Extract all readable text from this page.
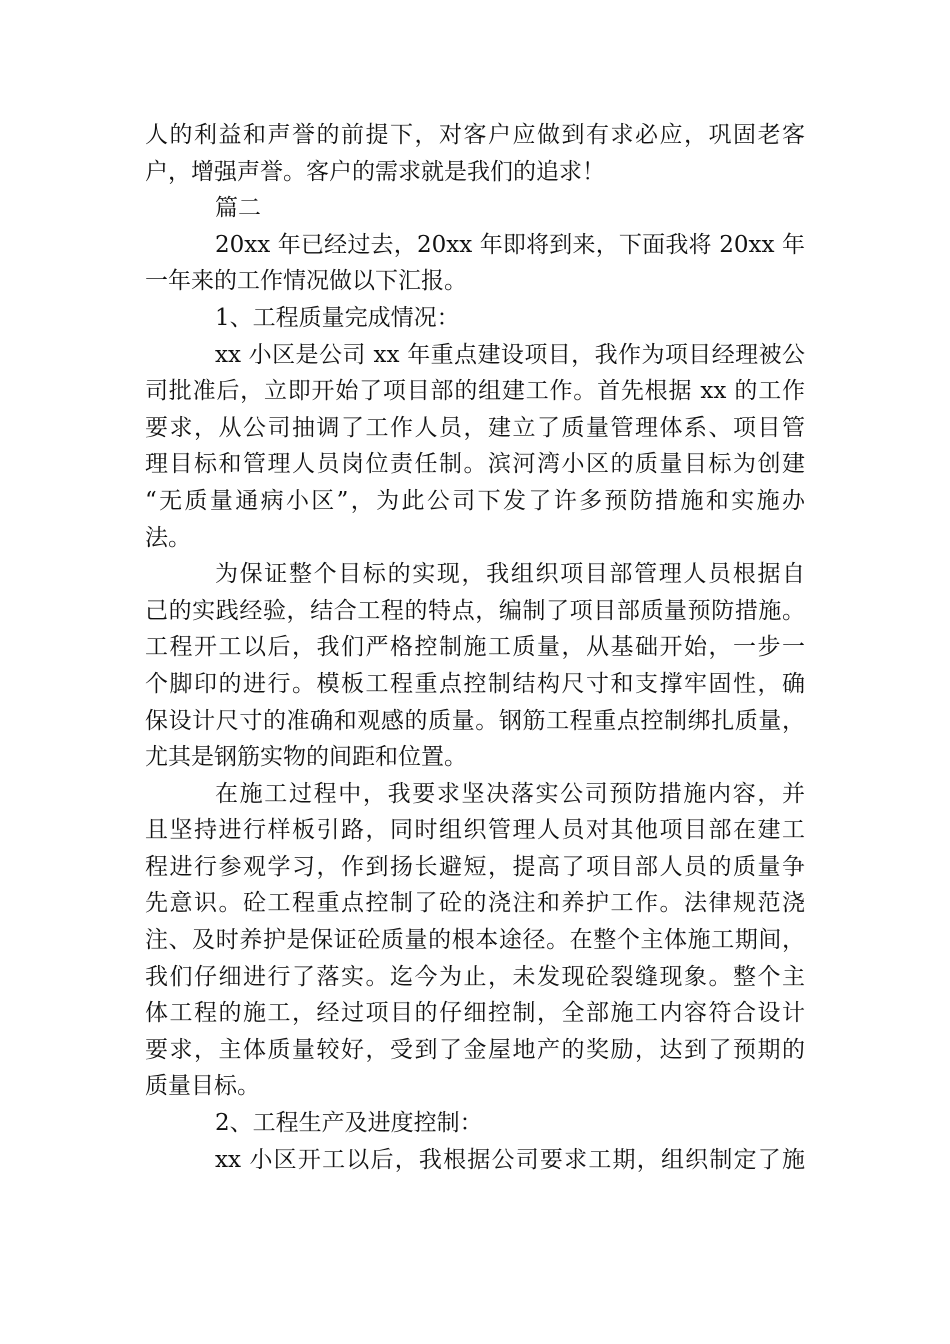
人的利益和声誉的前提下，对客户应做到有求必应，巩固老客
户，增强声誉。客户的需求就是我们的追求！
篇二
20xx 年已经过去，20xx 年即将到来，下面我将 20xx 年
一年来的工作情况做以下汇报。
1、工程质量完成情况：
xx 小区是公司 xx 年重点建设项目，我作为项目经理被公
司批准后，立即开始了项目部的组建工作。首先根据 xx 的工作
要求，从公司抽调了工作人员，建立了质量管理体系、项目管
理目标和管理人员岗位责任制。滨河湾小区的质量目标为创建
“无质量通病小区”，为此公司下发了许多预防措施和实施办
法。
为保证整个目标的实现，我组织项目部管理人员根据自
己的实践经验，结合工程的特点，编制了项目部质量预防措施。
工程开工以后，我们严格控制施工质量，从基础开始，一步一
个脚印的进行。模板工程重点控制结构尺寸和支撑牢固性，确
保设计尺寸的准确和观感的质量。钢筋工程重点控制绑扎质量，
尤其是钢筋实物的间距和位置。
在施工过程中，我要求坚决落实公司预防措施内容，并
且坚持进行样板引路，同时组织管理人员对其他项目部在建工
程进行参观学习，作到扬长避短，提高了项目部人员的质量争
先意识。砼工程重点控制了砼的浇注和养护工作。法律规范浇
注、及时养护是保证砼质量的根本途径。在整个主体施工期间，
我们仔细进行了落实。迄今为止，未发现砼裂缝现象。整个主
体工程的施工，经过项目的仔细控制，全部施工内容符合设计
要求，主体质量较好，受到了金屋地产的奖励，达到了预期的
质量目标。
2、工程生产及进度控制：
xx 小区开工以后，我根据公司要求工期，组织制定了施
